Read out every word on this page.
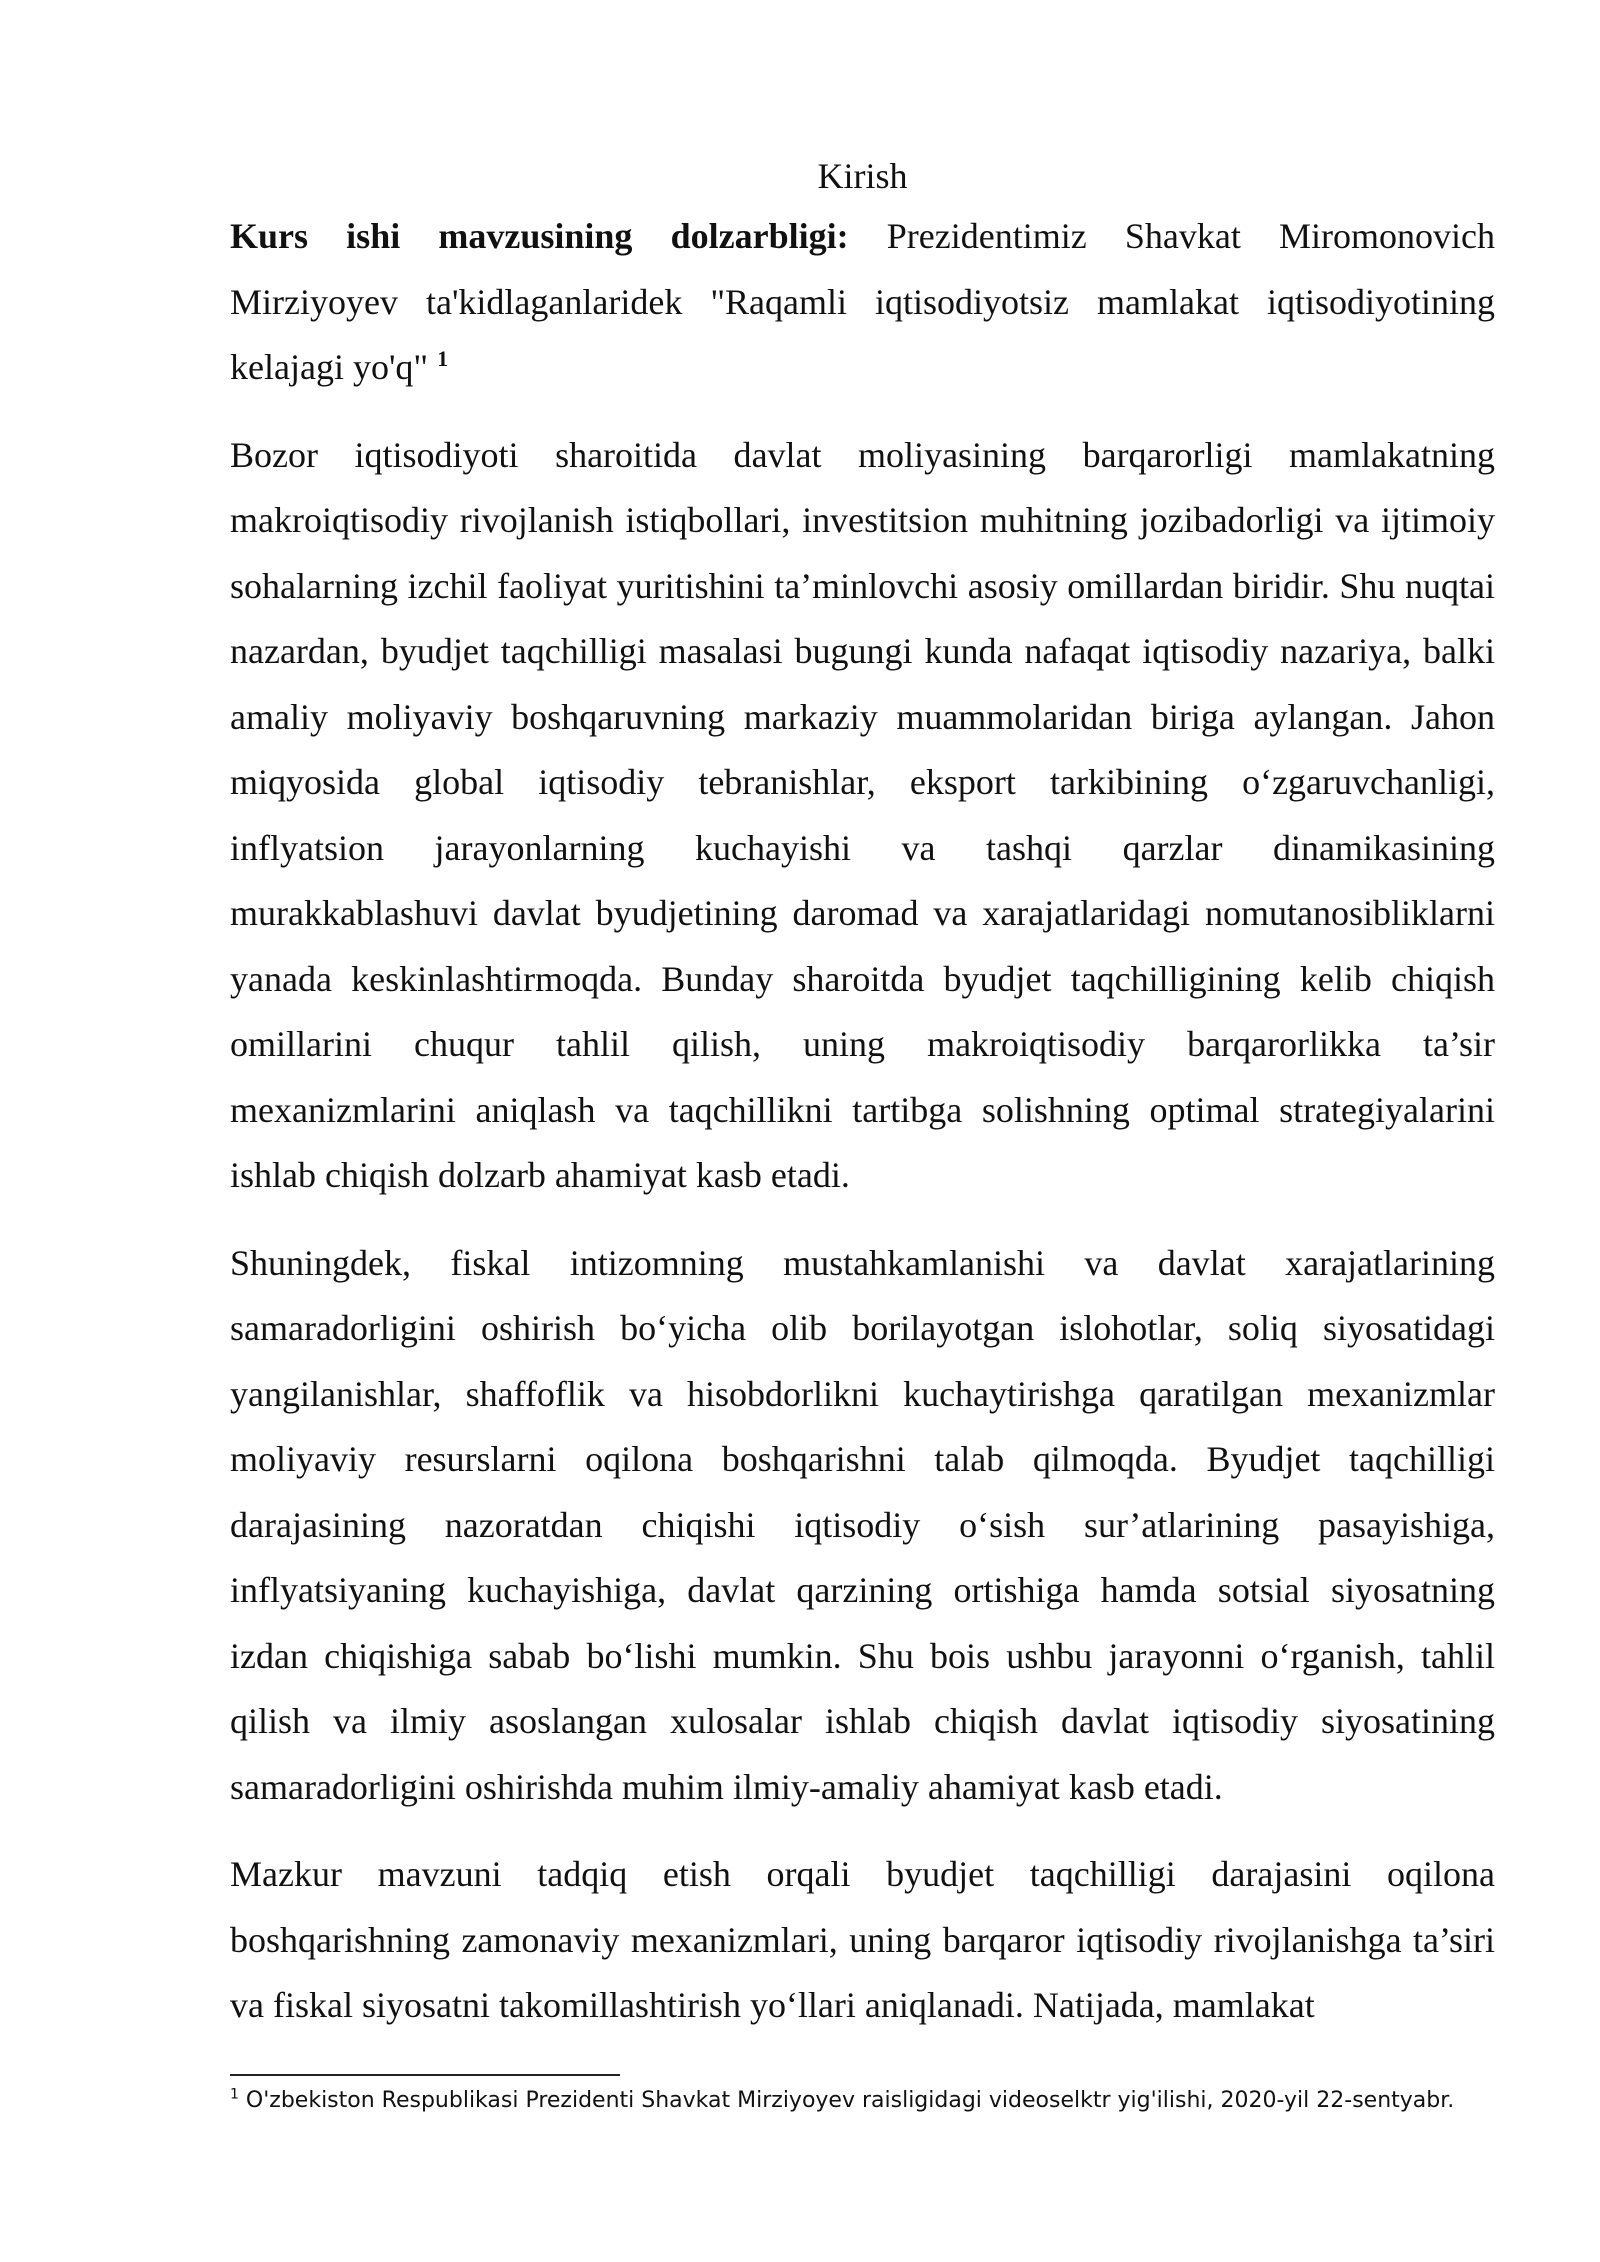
Kirish

Kurs ishi mavzusining dolzarbligi: Prezidentimiz Shavkat Miromonovich Mirziyoyev ta'kidlaganlaridek "Raqamli iqtisodiyotsiz mamlakat iqtisodiyotining kelajagi yo'q" $^1$

Bozor iqtisodiyoti sharoitida davlat moliyasining barqarorligi mamlakatning makroiqtisodiy rivojlanish istiqbollari, investitsion muhitning jozibadorligi va ijtimoiy sohalarning izchil faoliyat yuritishini ta’minlovchi asosiy omillardan biridir. Shu nuqtai nazardan, byudjet taqchilligi masalasi bugungi kunda nafaqat iqtisodiy nazariya, balki amaliy moliyaviy boshqaruvning markaziy muammolaridan biriga aylangan. Jahon miqyosida global iqtisodiy tebranishlar, eksport tarkibining o‘zgaruvchanligi, inflyatsion jarayonlarning kuchayishi va tashqi qarzlar dinamikasining murakkablashuvi davlat byudjetining daromad va xarajatlaridagi nomutanosibliklarni yanada keskinlashtirmoqda. Bunday sharoitda byudjet taqchilligining kelib chiqish omillarini chuqur tahlil qilish, uning makroiqtisodiy barqarorlikka ta’sir mexanizmlarini aniqlash va taqchillikni tartibga solishning optimal strategiyalarini ishlab chiqish dolzarb ahamiyat kasb etadi.

Shuningdek, fiskal intizomning mustahkamlanishi va davlat xarajatlarining samaradorligini oshirish bo‘yicha olib borilayotgan islohotlar, soliq siyosatidagi yangilanishlar, shaffoflik va hisobdorlikni kuchaytirishga qaratilgan mexanizmlar moliyaviy resurslarni oqilona boshqarishni talab qilmoqda. Byudjet taqchilligi darajasining nazoratdan chiqishi iqtisodiy o‘sish sur’atlarining pasayishiga, inflyatsiyaning kuchayishiga, davlat qarzining ortishiga hamda sotsial siyosatning izdan chiqishiga sabab bo‘lishi mumkin. Shu bois ushbu jarayonni o‘rganish, tahlil qilish va ilmiy asoslangan xulosalar ishlab chiqish davlat iqtisodiy siyosatining samaradorligini oshirishda muhim ilmiy-amaliy ahamiyat kasb etadi.

Mazkur mavzuni tadqiq etish orqali byudjet taqchilligi darajasini oqilona boshqarishning zamonaviy mexanizmlari, uning barqaror iqtisodiy rivojlanishga ta’siri va fiskal siyosatni takomillashtirish yo‘llari aniqlanadi. Natijada, mamlakat

$^1$ O'zbekiston Respublikasi Prezidenti Shavkat Mirziyoyev raisligidagi videoselktr yig'ilishi, 2020-yil 22-sentyabr.
